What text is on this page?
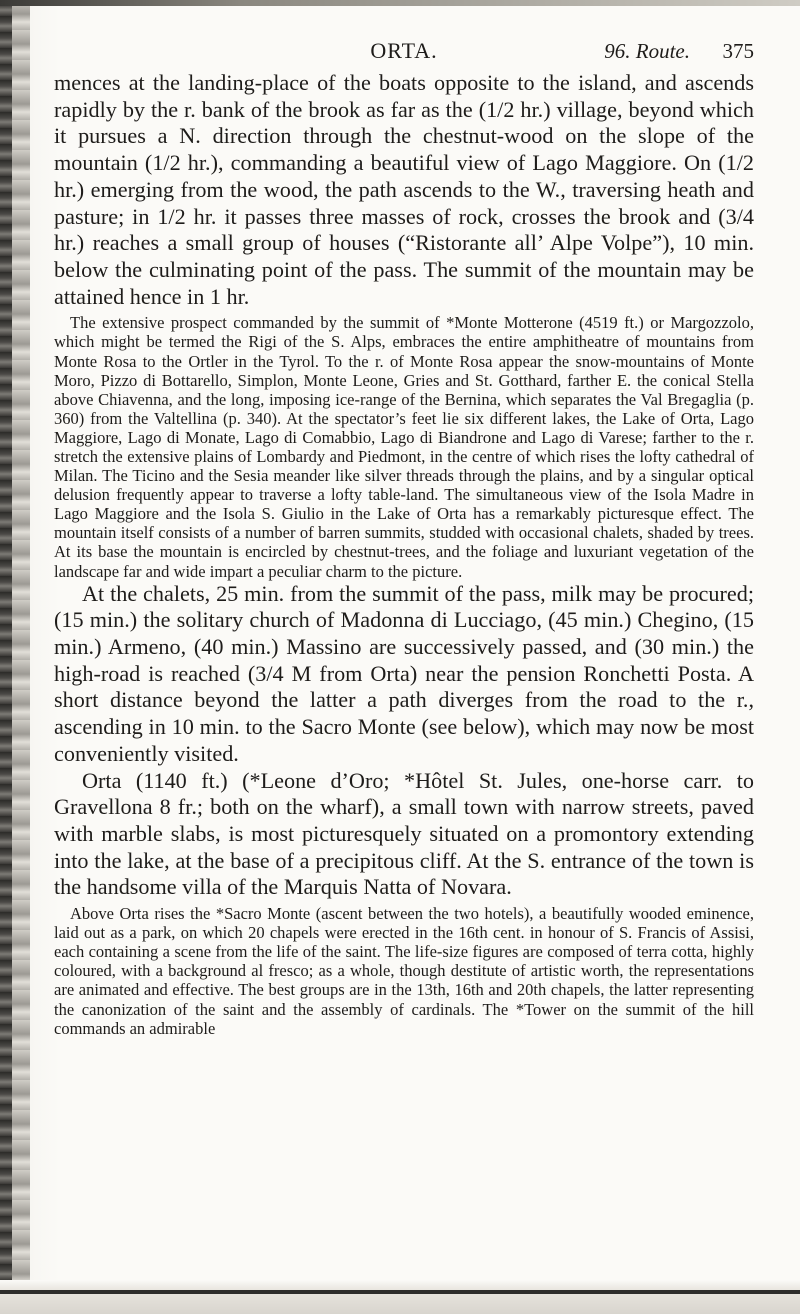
ORTA.	96. Route. 375

mences at the landing-place of the boats opposite to the island, and ascends rapidly by the r. bank of the brook as far as the (1/2 hr.) village, beyond which it pursues a N. direction through the chestnut-wood on the slope of the mountain (1/2 hr.), commanding a beautiful view of Lago Maggiore. On (1/2 hr.) emerging from the wood, the path ascends to the W., traversing heath and pasture; in 1/2 hr. it passes three masses of rock, crosses the brook and (3/4 hr.) reaches a small group of houses (“Ristorante all’ Alpe Volpe”), 10 min. below the culminating point of the pass. The summit of the mountain may be attained hence in 1 hr.

The extensive prospect commanded by the summit of *Monte Motterone (4519 ft.) or Margozzolo, which might be termed the Rigi of the S. Alps, embraces the entire amphitheatre of mountains from Monte Rosa to the Ortler in the Tyrol. To the r. of Monte Rosa appear the snow-mountains of Monte Moro, Pizzo di Bottarello, Simplon, Monte Leone, Gries and St. Gotthard, farther E. the conical Stella above Chiavenna, and the long, imposing ice-range of the Bernina, which separates the Val Bregaglia (p. 360) from the Valtellina (p. 340). At the spectator’s feet lie six different lakes, the Lake of Orta, Lago Maggiore, Lago di Monate, Lago di Comabbio, Lago di Biandrone and Lago di Varese; farther to the r. stretch the extensive plains of Lombardy and Piedmont, in the centre of which rises the lofty cathedral of Milan. The Ticino and the Sesia meander like silver threads through the plains, and by a singular optical delusion frequently appear to traverse a lofty table-land. The simultaneous view of the Isola Madre in Lago Maggiore and the Isola S. Giulio in the Lake of Orta has a remarkably picturesque effect. The mountain itself consists of a number of barren summits, studded with occasional chalets, shaded by trees. At its base the mountain is encircled by chestnut-trees, and the foliage and luxuriant vegetation of the landscape far and wide impart a peculiar charm to the picture.

At the chalets, 25 min. from the summit of the pass, milk may be procured; (15 min.) the solitary church of Madonna di Lucciago, (45 min.) Chegino, (15 min.) Armeno, (40 min.) Massino are successively passed, and (30 min.) the high-road is reached (3/4 M from Orta) near the pension Ronchetti Posta. A short distance beyond the latter a path diverges from the road to the r., ascending in 10 min. to the Sacro Monte (see below), which may now be most conveniently visited.

Orta (1140 ft.) (*Leone d’Oro; *Hôtel St. Jules, one-horse carr. to Gravellona 8 fr.; both on the wharf), a small town with narrow streets, paved with marble slabs, is most picturesquely situated on a promontory extending into the lake, at the base of a precipitous cliff. At the S. entrance of the town is the handsome villa of the Marquis Natta of Novara.

Above Orta rises the *Sacro Monte (ascent between the two hotels), a beautifully wooded eminence, laid out as a park, on which 20 chapels were erected in the 16th cent. in honour of S. Francis of Assisi, each containing a scene from the life of the saint. The life-size figures are composed of terra cotta, highly coloured, with a background al fresco; as a whole, though destitute of artistic worth, the representations are animated and effective. The best groups are in the 13th, 16th and 20th chapels, the latter representing the canonization of the saint and the assembly of cardinals. The *Tower on the summit of the hill commands an admirable
